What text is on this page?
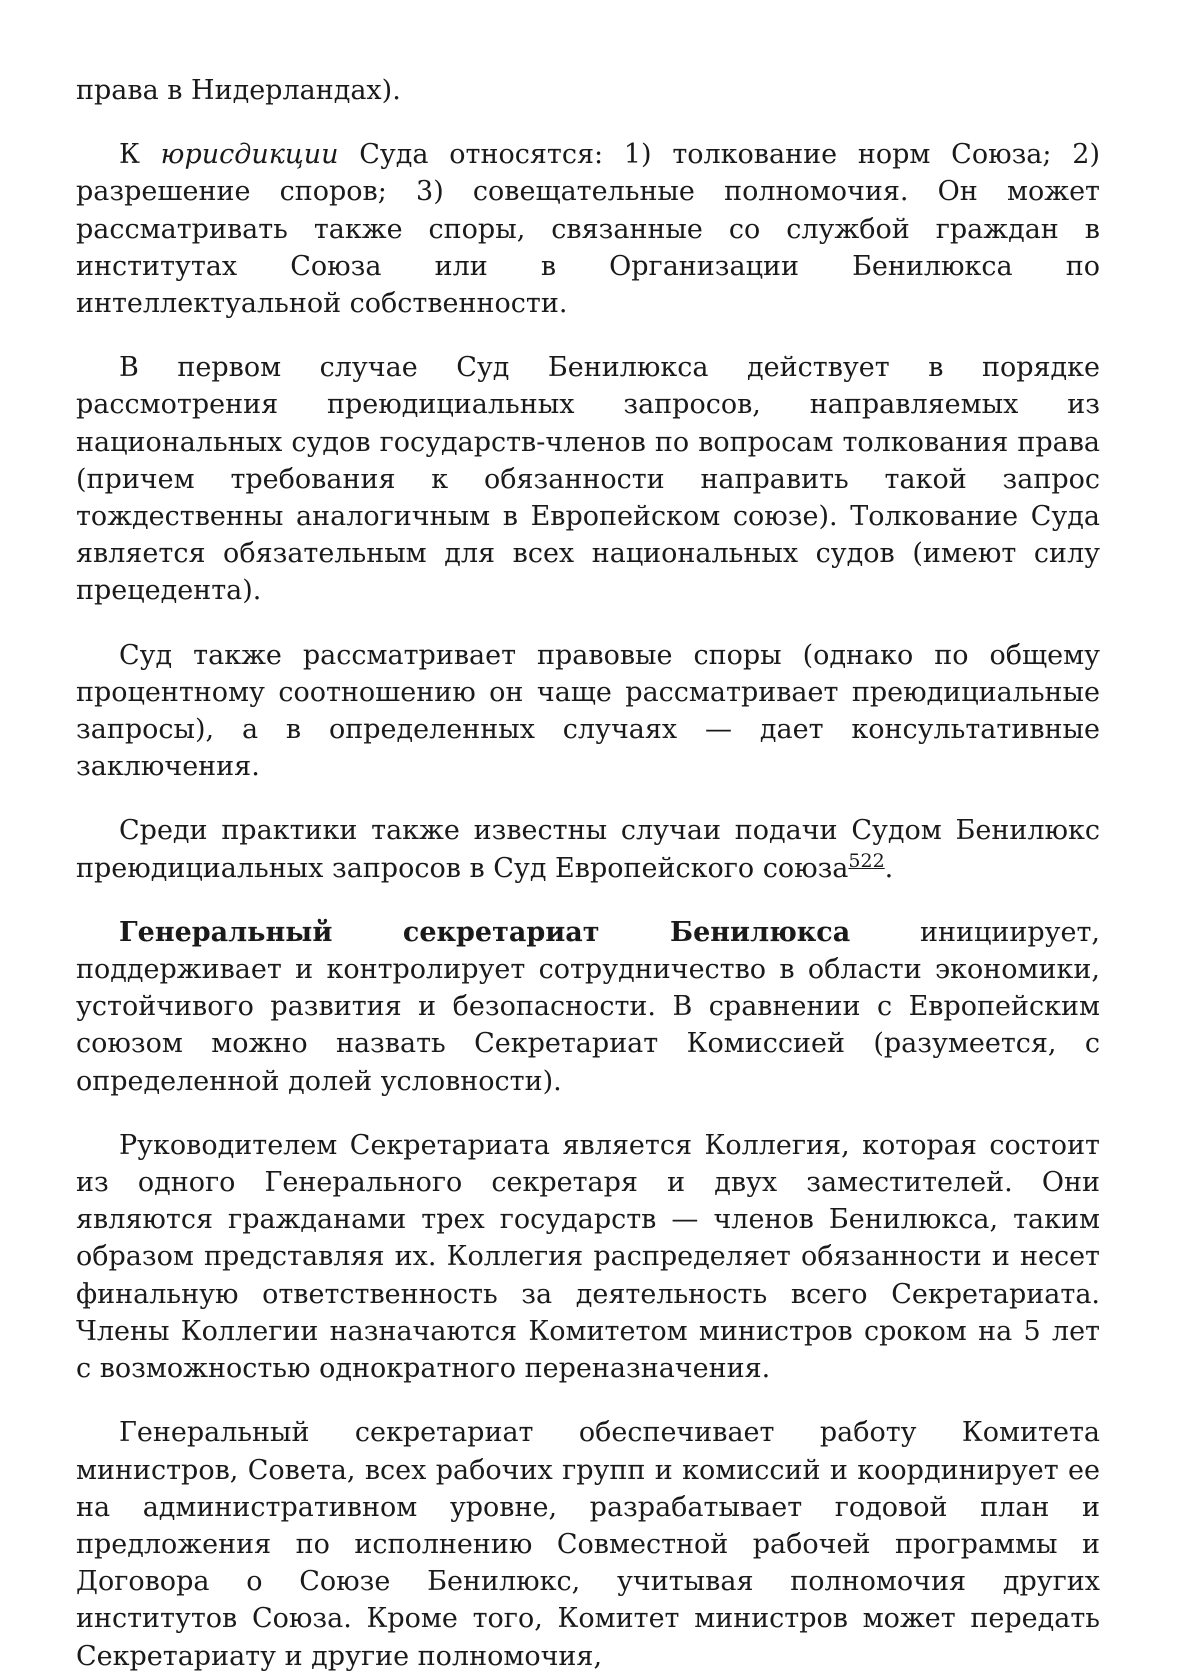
права в Нидерландах).

К юрисдикции Суда относятся: 1) толкование норм Союза; 2) разрешение споров; 3) совещательные полномочия. Он может рассматривать также споры, связанные со службой граждан в институтах Союза или в Организации Бенилюкса по интеллектуальной собственности.

В первом случае Суд Бенилюкса действует в порядке рассмотрения преюдициальных запросов, направляемых из национальных судов государств-членов по вопросам толкования права (причем требования к обязанности направить такой запрос тождественны аналогичным в Европейском союзе). Толкование Суда является обязательным для всех национальных судов (имеют силу прецедента).

Суд также рассматривает правовые споры (однако по общему процентному соотношению он чаще рассматривает преюдициальные запросы), а в определенных случаях — дает консультативные заключения.

Среди практики также известны случаи подачи Судом Бенилюкс преюдициальных запросов в Суд Европейского союза$^{522}$.

Генеральный секретариат Бенилюкса инициирует, поддерживает и контролирует сотрудничество в области экономики, устойчивого развития и безопасности. В сравнении с Европейским союзом можно назвать Секретариат Комиссией (разумеется, с определенной долей условности).

Руководителем Секретариата является Коллегия, которая состоит из одного Генерального секретаря и двух заместителей. Они являются гражданами трех государств — членов Бенилюкса, таким образом представляя их. Коллегия распределяет обязанности и несет финальную ответственность за деятельность всего Секретариата. Члены Коллегии назначаются Комитетом министров сроком на 5 лет с возможностью однократного переназначения.

Генеральный секретариат обеспечивает работу Комитета министров, Совета, всех рабочих групп и комиссий и координирует ее на административном уровне, разрабатывает годовой план и предложения по исполнению Совместной рабочей программы и Договора о Союзе Бенилюкс, учитывая полномочия других институтов Союза. Кроме того, Комитет министров может передать Секретариату и другие полномочия,
